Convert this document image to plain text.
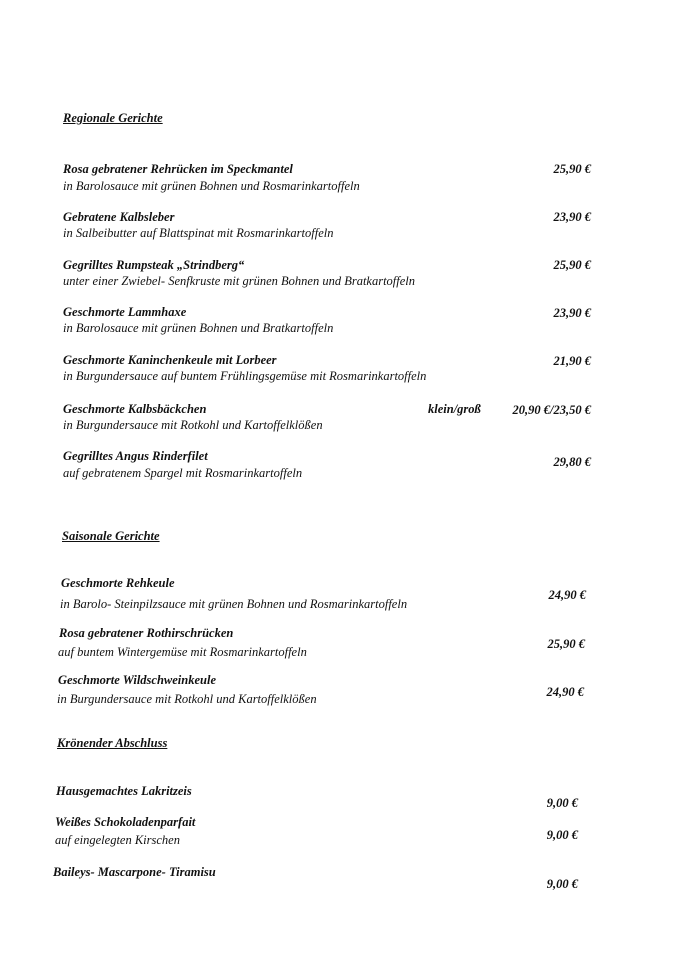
Regionale Gerichte
Rosa gebratener Rehrücken im Speckmantel
in Barolosauce mit grünen Bohnen und Rosmarinkartoffeln
25,90 €
Gebratene Kalbsleber
in Salbeibutter auf Blattspinat mit Rosmarinkartoffeln
23,90 €
Gegrilltes Rumpsteak „Strindberg“
unter einer Zwiebel- Senfkruste mit grünen Bohnen und Bratkartoffeln
25,90 €
Geschmorte Lammhaxe
in Barolosauce mit grünen Bohnen und Bratkartoffeln
23,90 €
Geschmorte Kaninchenkeule mit Lorbeer
in Burgundersauce auf buntem Frühlingsgemüse mit Rosmarinkartoffeln
21,90 €
Geschmorte Kalbsbäckchen	klein/groß
in Burgundersauce mit Rotkohl und Kartoffelklößen
20,90 €/23,50 €
Gegrilltes Angus Rinderfilet
auf gebratenem Spargel mit Rosmarinkartoffeln
29,80 €
Saisonale Gerichte
Geschmorte Rehkeule
in Barolo- Steinpilzsauce mit grünen Bohnen und Rosmarinkartoffeln
24,90 €
Rosa gebratener Rothirschrücken
auf buntem Wintergemüse mit Rosmarinkartoffeln
25,90 €
Geschmorte Wildschweinkeule
in Burgundersauce mit Rotkohl und Kartoffelklößen	24,90 €
Krönender Abschluss
Hausgemachtes Lakritzeis
9,00 €
Weißes Schokoladenparfait
auf eingelegten Kirschen	9,00 €
Baileys- Mascarpone- Tiramisu
9,00 €
